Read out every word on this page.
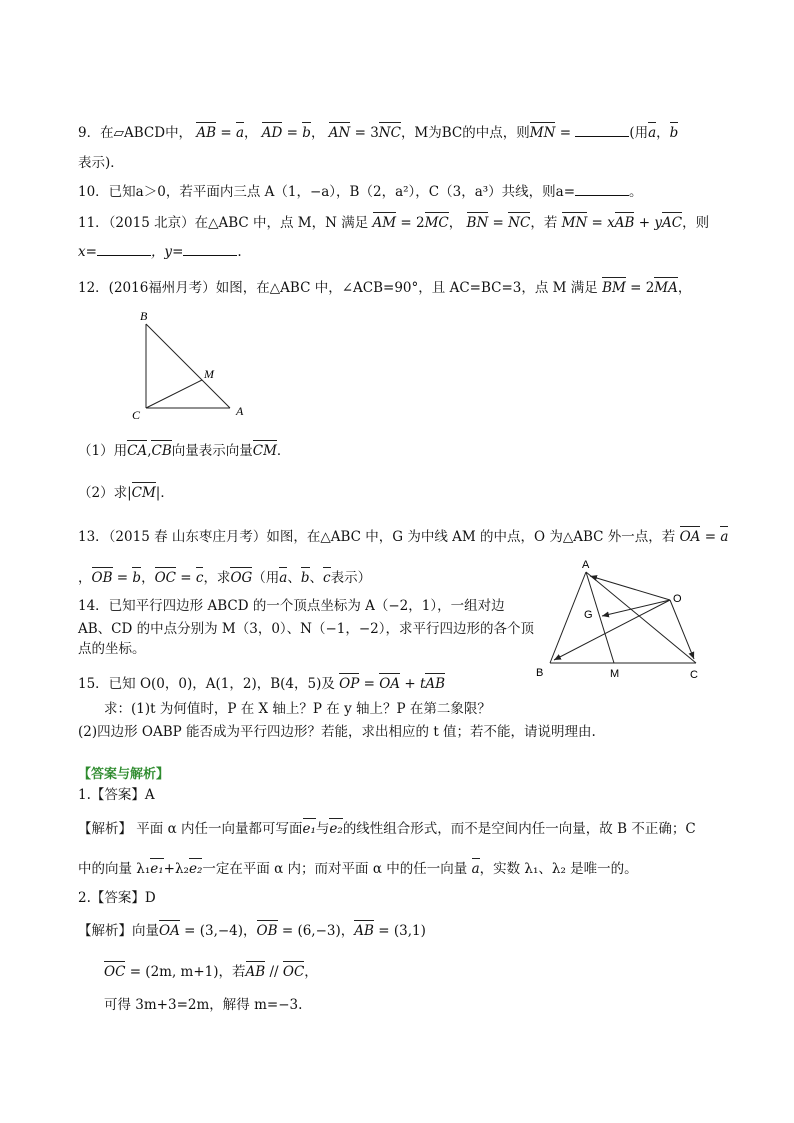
9．在▱ABCD中， AB = a， AD = b， AN = 3NC，M为BC的中点，则MN =	(用a，b
表示)．
10．已知a＞0，若平面内三点 A（1，−a），B（2，a²），C（3，a³）共线，则a=	。
11．（2015 北京）在△ABC 中，点 M，N 满足 AM = 2MC， BN = NC，若 MN = xAB + yAC，则
x=	，y=	.
12．(2016福州月考）如图，在△ABC 中，∠ACB=90°，且 AC=BC=3，点 M 满足 BM = 2MA，
B
M
C	A
（1）用CA,CB向量表示向量CM．
（2）求|CM|．
13．（2015 春 山东枣庄月考）如图，在△ABC 中，G 为中线 AM 的中点，O 为△ABC 外一点，若 OA = a
，OB = b，OC = c，求OG（用a、b、c表示）
A
G
O
B	M	C
14．已知平行四边形 ABCD 的一个顶点坐标为 A（−2，1），一组对边
AB、CD 的中点分别为 M（3，0）、N（−1，−2），求平行四边形的各个顶
点的坐标。
15．已知 O(0，0)，A(1，2)，B(4，5)及 OP = OA + tAB
求：(1)t 为何值时，P 在 X 轴上？P 在 y 轴上？P 在第二象限？
(2)四边形 OABP 能否成为平行四边形？若能，求出相应的 t 值；若不能，请说明理由.
【答案与解析】
1.【答案】A
【解析】 平面 α 内任一向量都可写面e₁与e₂的线性组合形式，而不是空间内任一向量，故 B 不正确；C
中的向量 λ₁e₁+λ₂e₂一定在平面 α 内；而对平面 α 中的任一向量 a，实数 λ₁、λ₂ 是唯一的。
2.【答案】D
【解析】向量OA = (3,−4)，OB = (6,−3)，AB = (3,1)
OC = (2m, m+1)，若AB // OC，
可得 3m+3=2m，解得 m=−3.
